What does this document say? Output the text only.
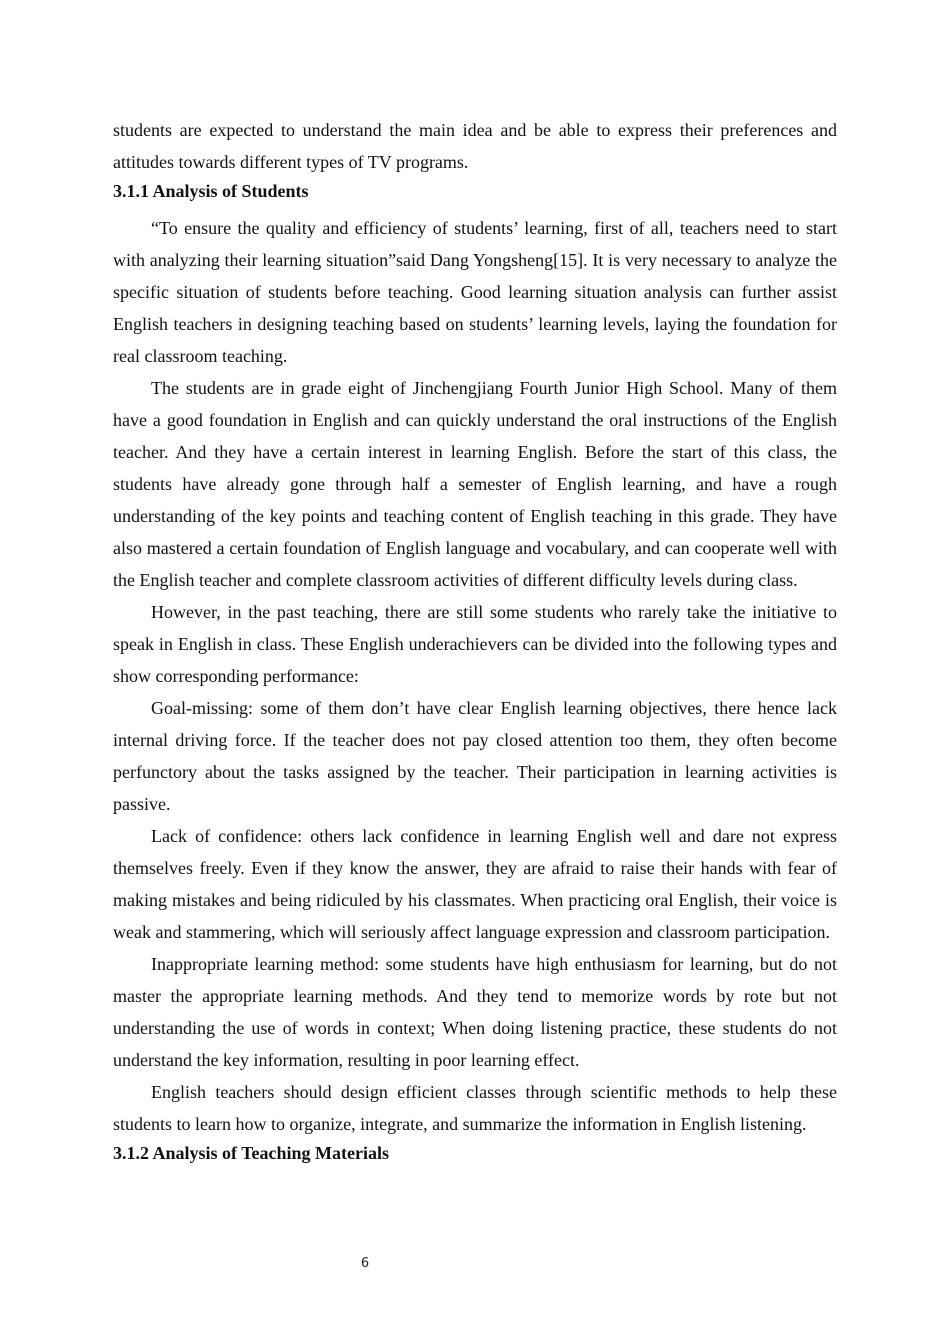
students are expected to understand the main idea and be able to express their preferences and attitudes towards different types of TV programs.

3.1.1 Analysis of Students

“To ensure the quality and efficiency of students’ learning, first of all, teachers need to start with analyzing their learning situation”said Dang Yongsheng[15]. It is very necessary to analyze the specific situation of students before teaching. Good learning situation analysis can further assist English teachers in designing teaching based on students’ learning levels, laying the foundation for real classroom teaching.

The students are in grade eight of Jinchengjiang Fourth Junior High School. Many of them have a good foundation in English and can quickly understand the oral instructions of the English teacher. And they have a certain interest in learning English. Before the start of this class, the students have already gone through half a semester of English learning, and have a rough understanding of the key points and teaching content of English teaching in this grade. They have also mastered a certain foundation of English language and vocabulary, and can cooperate well with the English teacher and complete classroom activities of different difficulty levels during class.

However, in the past teaching, there are still some students who rarely take the initiative to speak in English in class. These English underachievers can be divided into the following types and show corresponding performance:

Goal-missing: some of them don’t have clear English learning objectives, there hence lack internal driving force. If the teacher does not pay closed attention too them, they often become perfunctory about the tasks assigned by the teacher. Their participation in learning activities is passive.

Lack of confidence: others lack confidence in learning English well and dare not express themselves freely. Even if they know the answer, they are afraid to raise their hands with fear of making mistakes and being ridiculed by his classmates. When practicing oral English, their voice is weak and stammering, which will seriously affect language expression and classroom participation.

Inappropriate learning method: some students have high enthusiasm for learning, but do not master the appropriate learning methods. And they tend to memorize words by rote but not understanding the use of words in context; When doing listening practice, these students do not understand the key information, resulting in poor learning effect.

English teachers should design efficient classes through scientific methods to help these students to learn how to organize, integrate, and summarize the information in English listening.

3.1.2 Analysis of Teaching Materials
6
